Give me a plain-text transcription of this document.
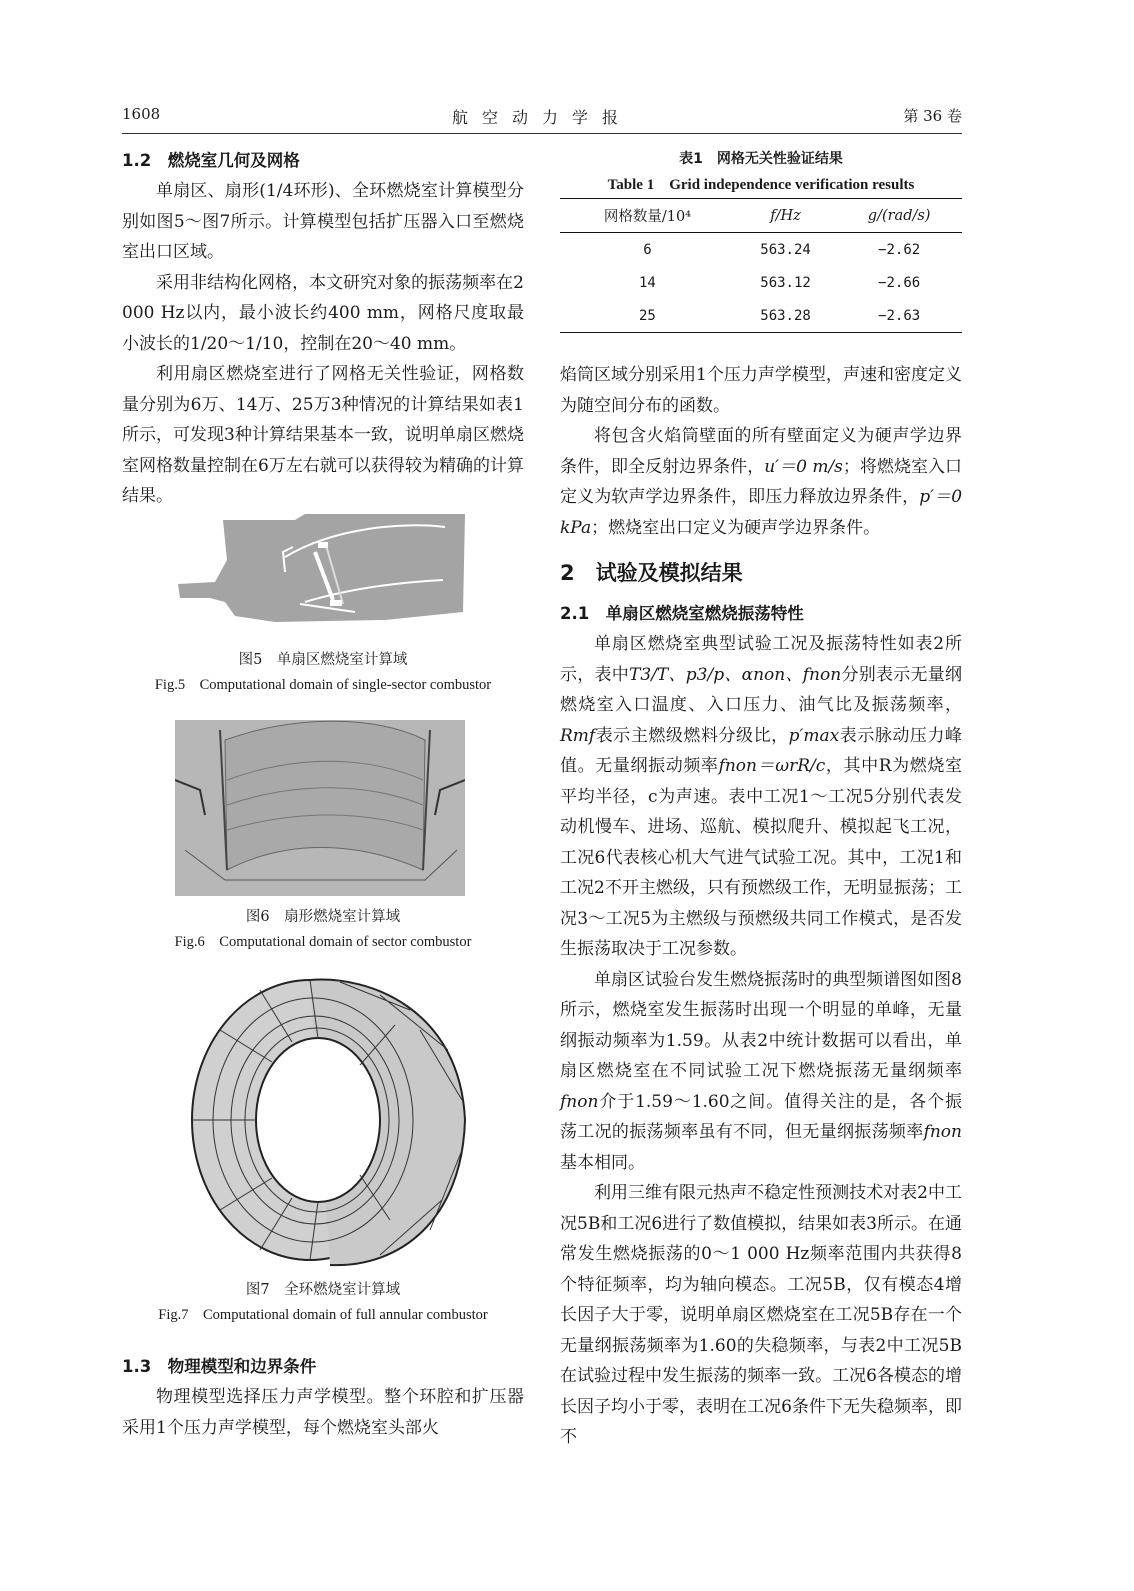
1608	航空动力学报	第 36 卷
1.2　燃烧室几何及网格

单扇区、扇形(1/4环形)、全环燃烧室计算模型分别如图5～图7所示。计算模型包括扩压器入口至燃烧室出口区域。

采用非结构化网格，本文研究对象的振荡频率在2 000 Hz以内，最小波长约400 mm，网格尺度取最小波长的1/20～1/10，控制在20～40 mm。

利用扇区燃烧室进行了网格无关性验证，网格数量分别为6万、14万、25万3种情况的计算结果如表1所示，可发现3种计算结果基本一致，说明单扇区燃烧室网格数量控制在6万左右就可以获得较为精确的计算结果。

图5　单扇区燃烧室计算域
Fig.5　Computational domain of single-sector combustor
图6　扇形燃烧室计算域
Fig.6　Computational domain of sector combustor
图7　全环燃烧室计算域
Fig.7　Computational domain of full annular combustor
1.3　物理模型和边界条件

物理模型选择压力声学模型。整个环腔和扩压器采用1个压力声学模型，每个燃烧室头部火

表1　网格无关性验证结果
Table 1　Grid independence verification results
网格数量/10⁴	f/Hz	g/(rad/s)
6	563.24	−2.62
14	563.12	−2.66
25	563.28	−2.63

焰筒区域分别采用1个压力声学模型，声速和密度定义为随空间分布的函数。

将包含火焰筒壁面的所有壁面定义为硬声学边界条件，即全反射边界条件，u′＝0 m/s；将燃烧室入口定义为软声学边界条件，即压力释放边界条件，p′＝0 kPa；燃烧室出口定义为硬声学边界条件。

2　试验及模拟结果
2.1　单扇区燃烧室燃烧振荡特性

单扇区燃烧室典型试验工况及振荡特性如表2所示，表中T3/T、p3/p、αnon、fnon分别表示无量纲燃烧室入口温度、入口压力、油气比及振荡频率，Rmf表示主燃级燃料分级比，p′max表示脉动压力峰值。无量纲振动频率fnon＝ωrR/c，其中R为燃烧室平均半径，c为声速。表中工况1～工况5分别代表发动机慢车、进场、巡航、模拟爬升、模拟起飞工况，工况6代表核心机大气进气试验工况。其中，工况1和工况2不开主燃级，只有预燃级工作，无明显振荡；工况3～工况5为主燃级与预燃级共同工作模式，是否发生振荡取决于工况参数。

单扇区试验台发生燃烧振荡时的典型频谱图如图8所示，燃烧室发生振荡时出现一个明显的单峰，无量纲振动频率为1.59。从表2中统计数据可以看出，单扇区燃烧室在不同试验工况下燃烧振荡无量纲频率fnon介于1.59～1.60之间。值得关注的是，各个振荡工况的振荡频率虽有不同，但无量纲振荡频率fnon基本相同。

利用三维有限元热声不稳定性预测技术对表2中工况5B和工况6进行了数值模拟，结果如表3所示。在通常发生燃烧振荡的0～1 000 Hz频率范围内共获得8个特征频率，均为轴向模态。工况5B，仅有模态4增长因子大于零，说明单扇区燃烧室在工况5B存在一个无量纲振荡频率为1.60的失稳频率，与表2中工况5B在试验过程中发生振荡的频率一致。工况6各模态的增长因子均小于零，表明在工况6条件下无失稳频率，即不
